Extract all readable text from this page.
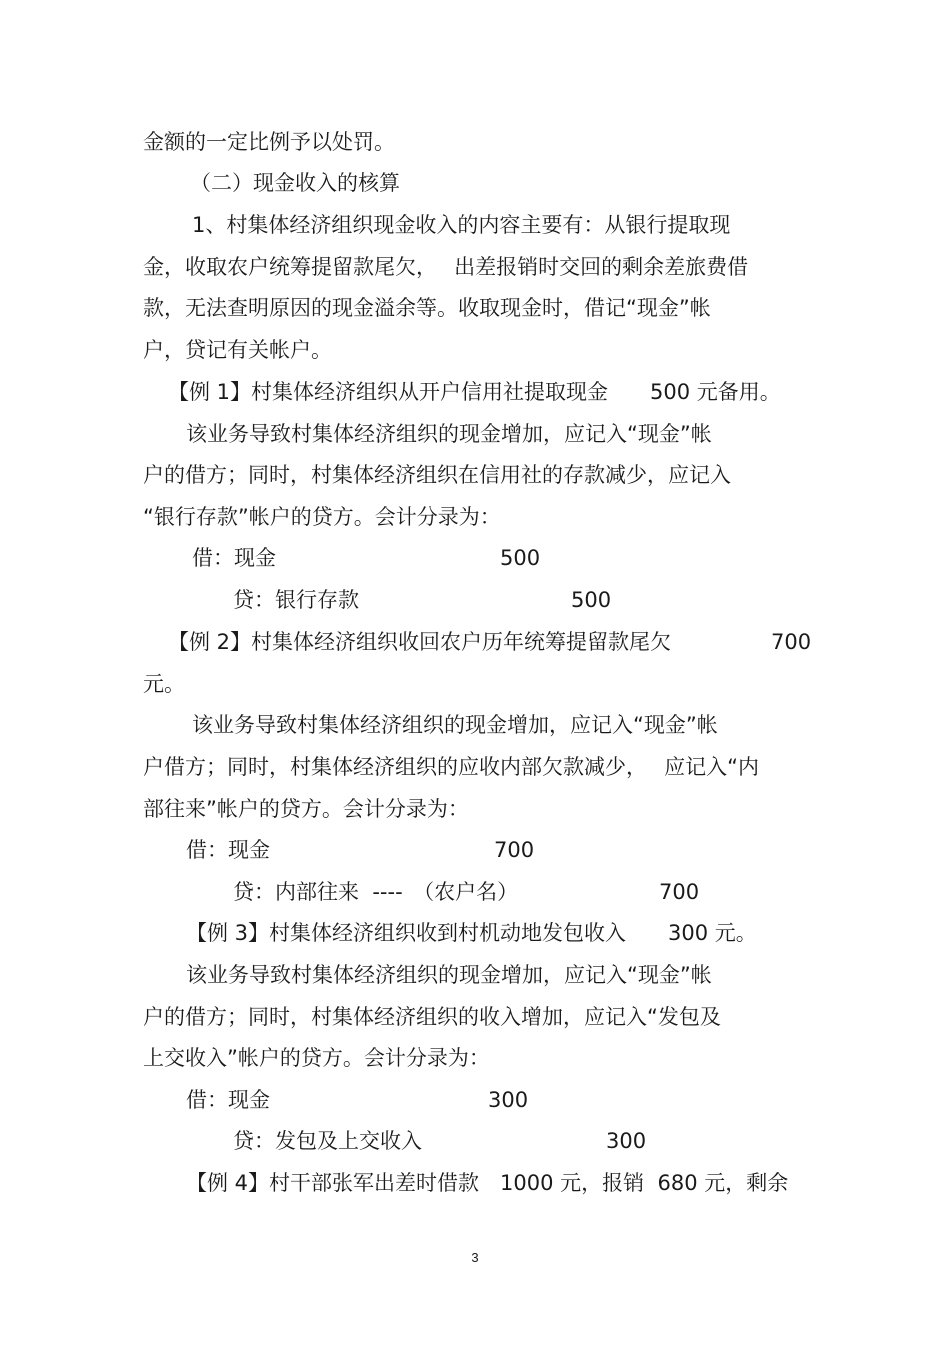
金额的一定比例予以处罚。
（二）现金收入的核算
1、村集体经济组织现金收入的内容主要有：从银行提取现
金，收取农户统筹提留款尾欠，　 出差报销时交回的剩余差旅费借
款，无法查明原因的现金溢余等。收取现金时，借记“现金”帐
户，贷记有关帐户。
【例 1】村集体经济组织从开户信用社提取现金　　500 元备用。
该业务导致村集体经济组织的现金增加，应记入“现金”帐
户的借方；同时，村集体经济组织在信用社的存款减少，应记入
“银行存款”帐户的贷方。会计分录为：
借：现金	500
贷：银行存款	500
【例 2】村集体经济组织收回农户历年统筹提留款尾欠	700
元。
该业务导致村集体经济组织的现金增加，应记入“现金”帐
户借方；同时，村集体经济组织的应收内部欠款减少，　 应记入“内
部往来”帐户的贷方。会计分录为：
借：现金	700
贷：内部往来  ----　（农户名）	700
【例 3】村集体经济组织收到村机动地发包收入　　300 元。
该业务导致村集体经济组织的现金增加，应记入“现金”帐
户的借方；同时，村集体经济组织的收入增加，应记入“发包及
上交收入”帐户的贷方。会计分录为：
借：现金	300
贷：发包及上交收入	300
【例 4】村干部张军出差时借款　1000 元，报销  680 元，剩余
3
